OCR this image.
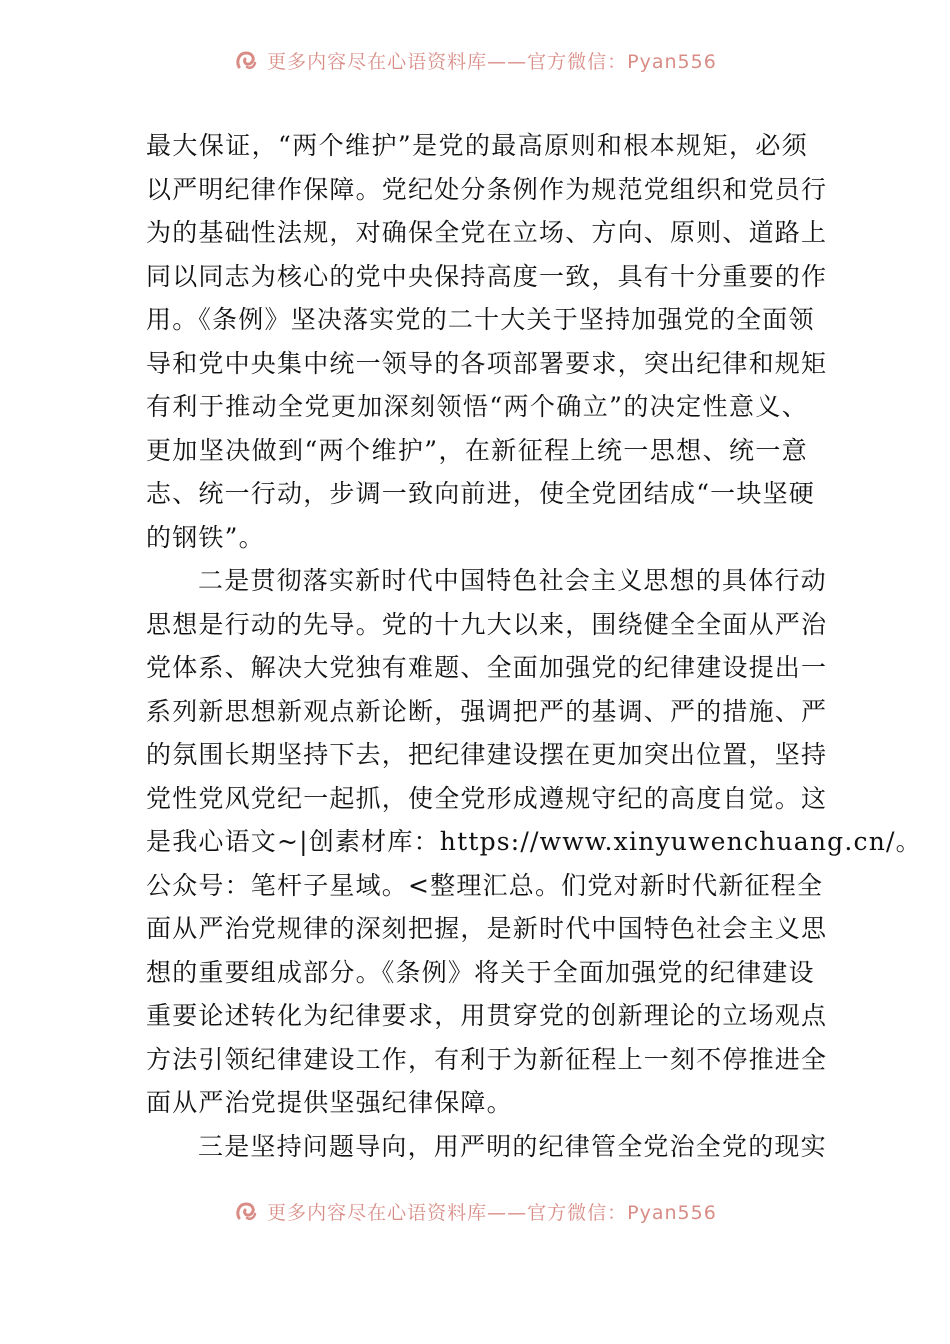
更多内容尽在心语资料库——官方微信：Pyan556
最大保证，“两个维护”是党的最高原则和根本规矩，必须
以严明纪律作保障。党纪处分条例作为规范党组织和党员行
为的基础性法规，对确保全党在立场、方向、原则、道路上
同以同志为核心的党中央保持高度一致，具有十分重要的作
用。《条例》坚决落实党的二十大关于坚持加强党的全面领
导和党中央集中统一领导的各项部署要求，突出纪律和规矩
有利于推动全党更加深刻领悟“两个确立”的决定性意义、
更加坚决做到“两个维护”，在新征程上统一思想、统一意
志、统一行动，步调一致向前进，使全党团结成“一块坚硬
的钢铁”。
二是贯彻落实新时代中国特色社会主义思想的具体行动
思想是行动的先导。党的十九大以来，围绕健全全面从严治
党体系、解决大党独有难题、全面加强党的纪律建设提出一
系列新思想新观点新论断，强调把严的基调、严的措施、严
的氛围长期坚持下去，把纪律建设摆在更加突出位置，坚持
党性党风党纪一起抓，使全党形成遵规守纪的高度自觉。这
是我心语文~|创素材库：https://www.xinyuwenchuang.cn/。
公众号：笔杆子星域。<整理汇总。们党对新时代新征程全
面从严治党规律的深刻把握，是新时代中国特色社会主义思
想的重要组成部分。《条例》将关于全面加强党的纪律建设
重要论述转化为纪律要求，用贯穿党的创新理论的立场观点
方法引领纪律建设工作，有利于为新征程上一刻不停推进全
面从严治党提供坚强纪律保障。
三是坚持问题导向，用严明的纪律管全党治全党的现实
更多内容尽在心语资料库——官方微信：Pyan556
